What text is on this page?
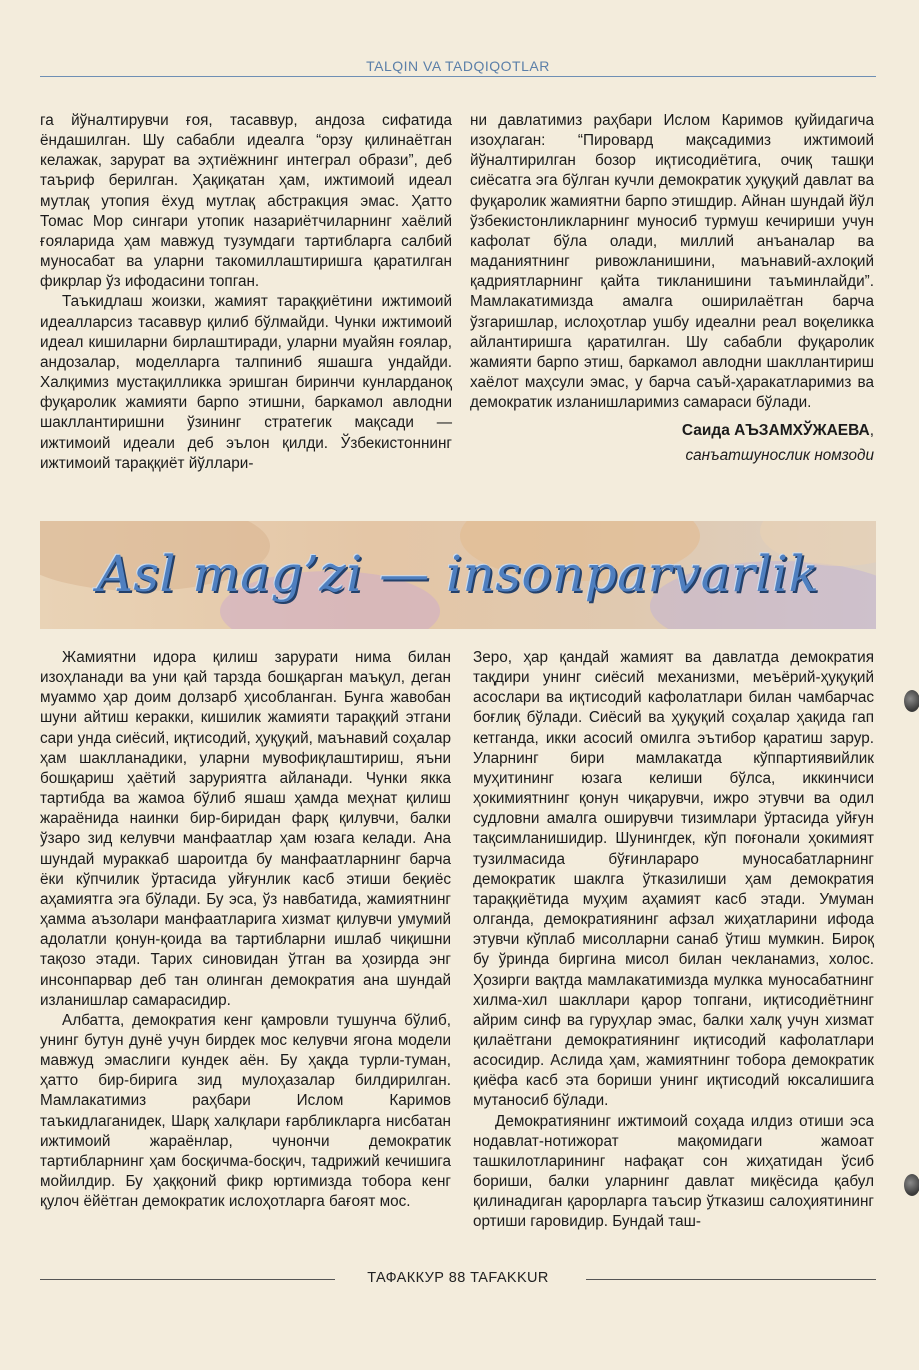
TALQIN VA TADQIQOTLAR

га йўналтирувчи ғоя, тасаввур, андоза сифатида ёндашилган. Шу сабабли идеалга “орзу қилинаётган келажак, зарурат ва эҳтиёжнинг интеграл образи”, деб таъриф берилган. Ҳақиқатан ҳам, ижтимоий идеал мутлақ утопия ёхуд мутлақ абстракция эмас. Ҳатто Томас Мор сингари утопик назариётчиларнинг хаёлий ғояларида ҳам мавжуд тузумдаги тартибларга салбий муносабат ва уларни такомиллаштиришга қаратилган фикрлар ўз ифодасини топган.

Таъкидлаш жоизки, жамият тараққиётини ижтимоий идеалларсиз тасаввур қилиб бўлмайди. Чунки ижтимоий идеал кишиларни бирлаштиради, уларни муайян ғоялар, андозалар, моделларга талпиниб яшашга ундайди. Халқимиз мустақилликка эришган биринчи кунларданоқ фуқаролик жамияти барпо этишни, баркамол авлодни шакллантиришни ўзининг стратегик мақсади — ижтимоий идеали деб эълон қилди. Ўзбекистоннинг ижтимоий тараққиёт йўллари-

ни давлатимиз раҳбари Ислом Каримов қуйидагича изоҳлаган: “Пировард мақсадимиз ижтимоий йўналтирилган бозор иқтисодиётига, очиқ ташқи сиёсатга эга бўлган кучли демократик ҳуқуқий давлат ва фуқаролик жамиятни барпо этишдир. Айнан шундай йўл ўзбекистонликларнинг муносиб турмуш кечириши учун кафолат бўла олади, миллий анъаналар ва маданиятнинг ривожланишини, маънавий-ахлоқий қадриятларнинг қайта тикланишини таъминлайди”. Мамлакатимизда амалга оширилаётган барча ўзгаришлар, ислоҳотлар ушбу идеални реал воқеликка айлантиришга қаратилган. Шу сабабли фуқаролик жамияти барпо этиш, баркамол авлодни шакллантириш хаёлот маҳсули эмас, у барча саъй-ҳаракатларимиз ва демократик изланишларимиз самараси бўлади.

Саида АЪЗАМХЎЖАЕВА,
санъатшунослик номзоди
Asl mag’zi — insonparvarlik

Жамиятни идора қилиш зарурати нима билан изоҳланади ва уни қай тарзда бошқарган маъқул, деган муаммо ҳар доим долзарб ҳисобланган. Бунга жавобан шуни айтиш керакки, кишилик жамияти тараққий этгани сари унда сиёсий, иқтисодий, ҳуқуқий, маънавий соҳалар ҳам шаклланадики, уларни мувофиқлаштириш, яъни бошқариш ҳаётий заруриятга айланади. Чунки якка тартибда ва жамоа бўлиб яшаш ҳамда меҳнат қилиш жараёнида наинки бир-биридан фарқ қилувчи, балки ўзаро зид келувчи манфаатлар ҳам юзага келади. Ана шундай мураккаб шароитда бу манфаатларнинг барча ёки кўпчилик ўртасида уйғунлик касб этиши беқиёс аҳамиятга эга бўлади. Бу эса, ўз навбатида, жамиятнинг ҳамма аъзолари манфаатларига хизмат қилувчи умумий адолатли қонун-қоида ва тартибларни ишлаб чиқишни тақозо этади. Тарих синовидан ўтган ва ҳозирда энг инсонпарвар деб тан олинган демократия ана шундай изланишлар самарасидир.

Албатта, демократия кенг қамровли тушунча бўлиб, унинг бутун дунё учун бирдек мос келувчи ягона модели мавжуд эмаслиги кундек аён. Бу ҳақда турли-туман, ҳатто бир-бирига зид мулоҳазалар билдирилган. Мамлакатимиз раҳбари Ислом Каримов таъкидлаганидек, Шарқ халқлари ғарбликларга нисбатан ижтимоий жараёнлар, чунончи демократик тартибларнинг ҳам босқичма-босқич, тадрижий кечишига мойилдир. Бу ҳаққоний фикр юртимизда тобора кенг қулоч ёйётган демократик ислоҳотларга бағоят мос.

Зеро, ҳар қандай жамият ва давлатда демократия тақдири унинг сиёсий механизми, меъёрий-ҳуқуқий асослари ва иқтисодий кафолатлари билан чамбарчас боғлиқ бўлади. Сиёсий ва ҳуқуқий соҳалар ҳақида гап кетганда, икки асосий омилга эътибор қаратиш зарур. Уларнинг бири мамлакатда кўппартиявийлик муҳитининг юзага келиши бўлса, иккинчиси ҳокимиятнинг қонун чиқарувчи, ижро этувчи ва одил судловни амалга оширувчи тизимлари ўртасида уйғун тақсимланишидир. Шунингдек, кўп поғонали ҳокимият тузилмасида бўғинлараро муносабатларнинг демократик шаклга ўтказилиши ҳам демократия тараққиётида муҳим аҳамият касб этади. Умуман олганда, демократиянинг афзал жиҳатларини ифода этувчи кўплаб мисолларни санаб ўтиш мумкин. Бироқ бу ўринда биргина мисол билан чекланамиз, холос. Ҳозирги вақтда мамлакатимизда мулкка муносабатнинг хилма-хил шакллари қарор топгани, иқтисодиётнинг айрим синф ва гуруҳлар эмас, балки халқ учун хизмат қилаётгани демократиянинг иқтисодий кафолатлари асосидир. Аслида ҳам, жамиятнинг тобора демократик қиёфа касб эта бориши унинг иқтисодий юксалишига мутаносиб бўлади.

Демократиянинг ижтимоий соҳада илдиз отиши эса нодавлат-нотижорат мақомидаги жамоат ташкилотларининг нафақат сон жиҳатидан ўсиб бориши, балки уларнинг давлат миқёсида қабул қилинадиган қарорларга таъсир ўтказиш салоҳиятининг ортиши гаровидир. Бундай таш-

ТАФАККУР 88 TAFAKKUR
